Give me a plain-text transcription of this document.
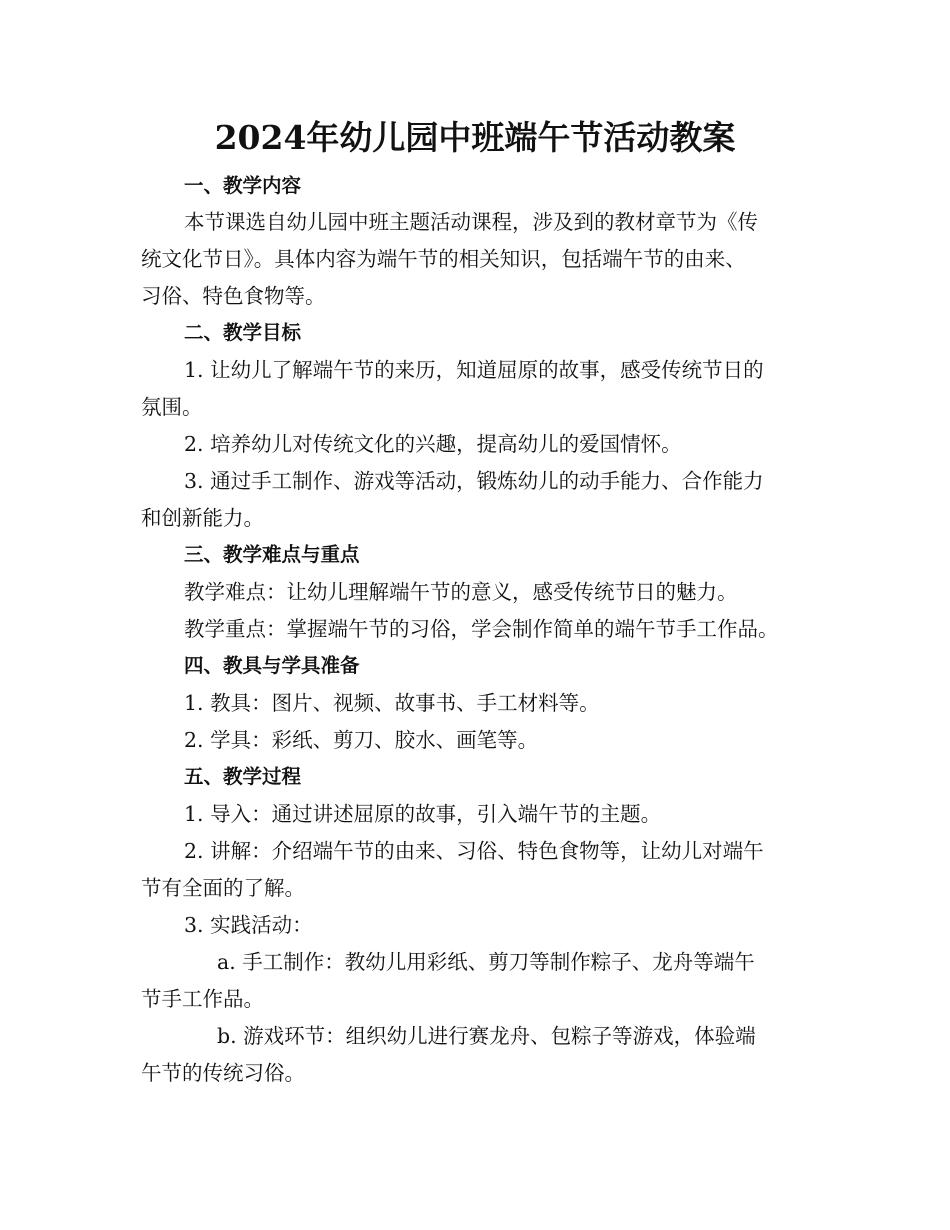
2024年幼儿园中班端午节活动教案
一、教学内容
本节课选自幼儿园中班主题活动课程，涉及到的教材章节为《传
统文化节日》。具体内容为端午节的相关知识，包括端午节的由来、
习俗、特色食物等。
二、教学目标
1. 让幼儿了解端午节的来历，知道屈原的故事，感受传统节日的
氛围。
2. 培养幼儿对传统文化的兴趣，提高幼儿的爱国情怀。
3. 通过手工制作、游戏等活动，锻炼幼儿的动手能力、合作能力
和创新能力。
三、教学难点与重点
教学难点：让幼儿理解端午节的意义，感受传统节日的魅力。
教学重点：掌握端午节的习俗，学会制作简单的端午节手工作品。
四、教具与学具准备
1. 教具：图片、视频、故事书、手工材料等。
2. 学具：彩纸、剪刀、胶水、画笔等。
五、教学过程
1. 导入：通过讲述屈原的故事，引入端午节的主题。
2. 讲解：介绍端午节的由来、习俗、特色食物等，让幼儿对端午
节有全面的了解。
3. 实践活动：
a. 手工制作：教幼儿用彩纸、剪刀等制作粽子、龙舟等端午
节手工作品。
b. 游戏环节：组织幼儿进行赛龙舟、包粽子等游戏，体验端
午节的传统习俗。
